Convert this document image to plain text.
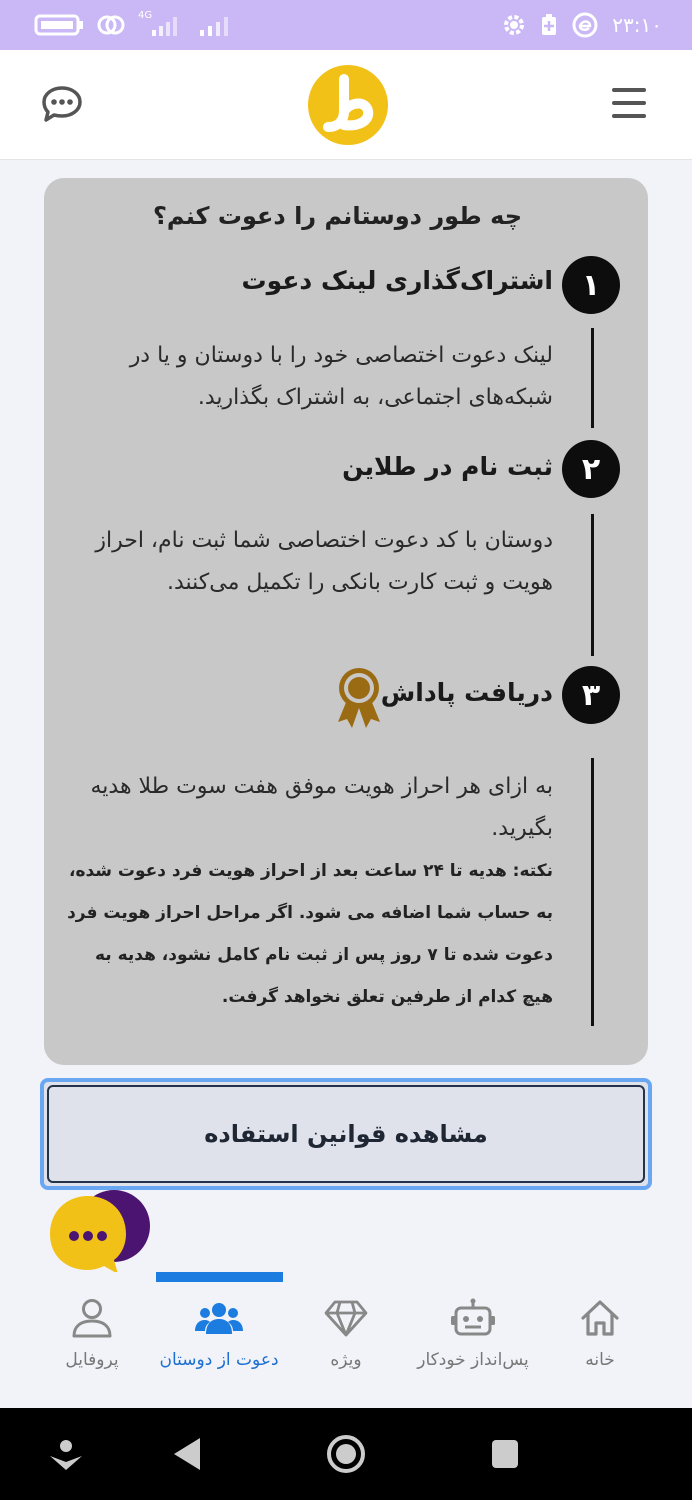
4G	۲۳:۱۰
چه طور دوستانم را دعوت کنم؟
۱
اشتراک‌گذاری لینک دعوت
لینک دعوت اختصاصی خود را با دوستان و یا در شبکه‌های اجتماعی، به اشتراک بگذارید.
۲
ثبت نام در طلاین
دوستان با کد دعوت اختصاصی شما ثبت نام، احراز هویت و ثبت کارت بانکی را تکمیل می‌کنند.
۳
دریافت پاداش
به ازای هر احراز هویت موفق هفت سوت طلا هدیه بگیرید.
نکته: هدیه تا ۲۴ ساعت بعد از احراز هویت فرد دعوت شده، به حساب شما اضافه می شود. اگر مراحل احراز هویت فرد دعوت شده تا ۷ روز پس از ثبت نام کامل نشود، هدیه به هیچ کدام از طرفین تعلق نخواهد گرفت.
مشاهده قوانین استفاده
خانه
پس‌انداز خودکار
ویژه
دعوت از دوستان
پروفایل
